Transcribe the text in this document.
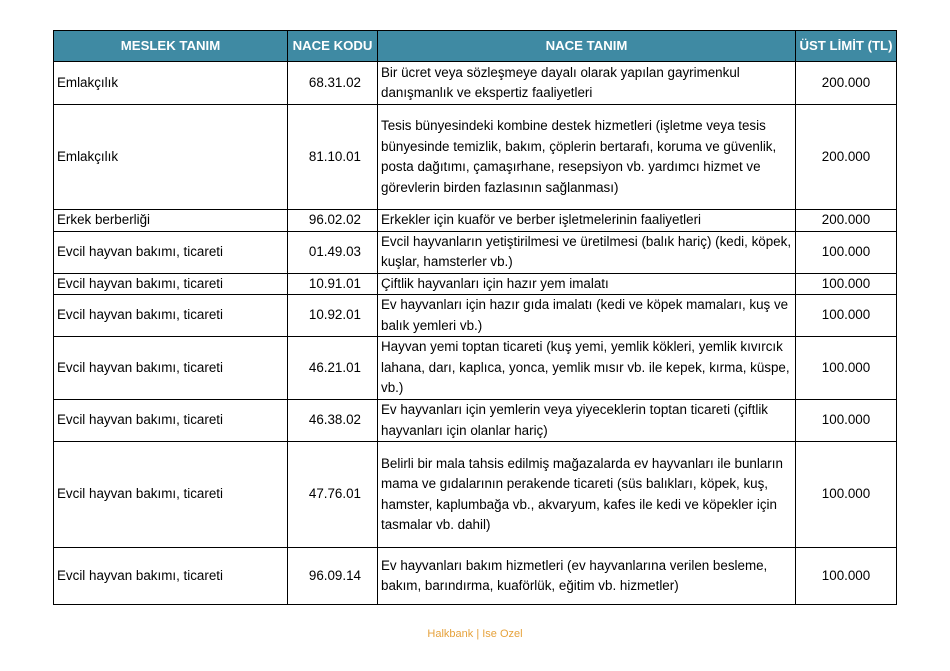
MESLEK TANIM	NACE KODU	NACE TANIM	ÜST LİMİT (TL)
Emlakçılık	68.31.02	Bir ücret veya sözleşmeye dayalı olarak yapılan gayrimenkul danışmanlık ve ekspertiz faaliyetleri	200.000
Emlakçılık	81.10.01	Tesis bünyesindeki kombine destek hizmetleri (işletme veya tesis bünyesinde temizlik, bakım, çöplerin bertarafı, koruma ve güvenlik, posta dağıtımı, çamaşırhane, resepsiyon vb. yardımcı hizmet ve görevlerin birden fazlasının sağlanması)	200.000
Erkek berberliği	96.02.02	Erkekler için kuaför ve berber işletmelerinin faaliyetleri	200.000
Evcil hayvan bakımı, ticareti	01.49.03	Evcil hayvanların yetiştirilmesi ve üretilmesi (balık hariç) (kedi, köpek, kuşlar, hamsterler vb.)	100.000
Evcil hayvan bakımı, ticareti	10.91.01	Çiftlik hayvanları için hazır yem imalatı	100.000
Evcil hayvan bakımı, ticareti	10.92.01	Ev hayvanları için hazır gıda imalatı (kedi ve köpek mamaları, kuş ve balık yemleri vb.)	100.000
Evcil hayvan bakımı, ticareti	46.21.01	Hayvan yemi toptan ticareti (kuş yemi, yemlik kökleri, yemlik kıvırcık lahana, darı, kaplıca, yonca, yemlik mısır vb. ile kepek, kırma, küspe, vb.)	100.000
Evcil hayvan bakımı, ticareti	46.38.02	Ev hayvanları için yemlerin veya yiyeceklerin toptan ticareti (çiftlik hayvanları için olanlar hariç)	100.000
Evcil hayvan bakımı, ticareti	47.76.01	Belirli bir mala tahsis edilmiş mağazalarda ev hayvanları ile bunların mama ve gıdalarının perakende ticareti (süs balıkları, köpek, kuş, hamster, kaplumbağa vb., akvaryum, kafes ile kedi ve köpekler için tasmalar vb. dahil)	100.000
Evcil hayvan bakımı, ticareti	96.09.14	Ev hayvanları bakım hizmetleri (ev hayvanlarına verilen besleme, bakım, barındırma, kuaförlük, eğitim vb. hizmetler)	100.000
Halkbank | Ise Ozel
